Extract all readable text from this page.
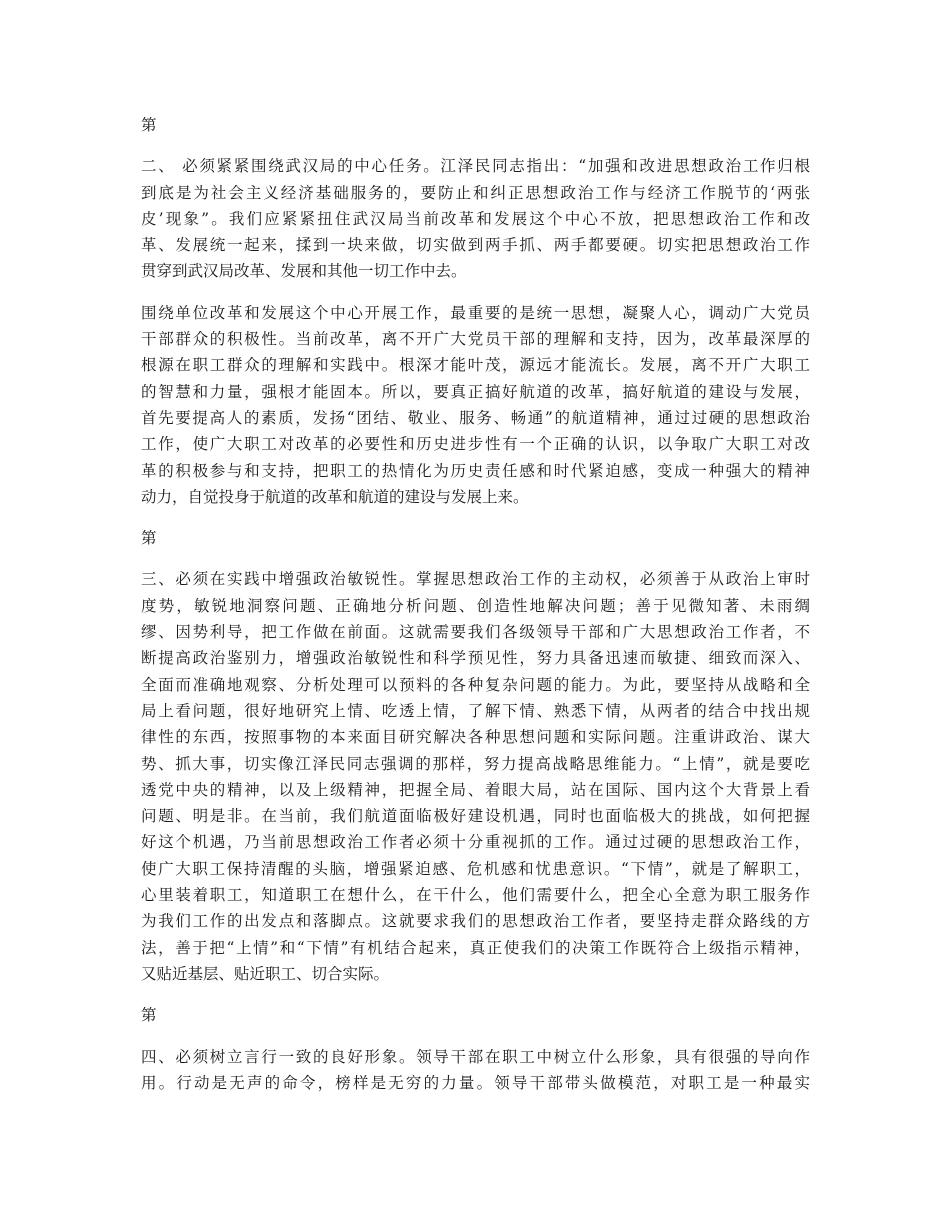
第
二、 必须紧紧围绕武汉局的中心任务。江泽民同志指出：“加强和改进思想政治工作归根
到底是为社会主义经济基础服务的，要防止和纠正思想政治工作与经济工作脱节的‘两张
皮’现象”。我们应紧紧扭住武汉局当前改革和发展这个中心不放，把思想政治工作和改
革、发展统一起来，揉到一块来做，切实做到两手抓、两手都要硬。切实把思想政治工作
贯穿到武汉局改革、发展和其他一切工作中去。
围绕单位改革和发展这个中心开展工作，最重要的是统一思想，凝聚人心，调动广大党员
干部群众的积极性。当前改革，离不开广大党员干部的理解和支持，因为，改革最深厚的
根源在职工群众的理解和实践中。根深才能叶茂，源远才能流长。发展，离不开广大职工
的智慧和力量，强根才能固本。所以，要真正搞好航道的改革，搞好航道的建设与发展，
首先要提高人的素质，发扬“团结、敬业、服务、畅通”的航道精神，通过过硬的思想政治
工作，使广大职工对改革的必要性和历史进步性有一个正确的认识，以争取广大职工对改
革的积极参与和支持，把职工的热情化为历史责任感和时代紧迫感，变成一种强大的精神
动力，自觉投身于航道的改革和航道的建设与发展上来。
第
三、必须在实践中增强政治敏锐性。掌握思想政治工作的主动权，必须善于从政治上审时
度势，敏锐地洞察问题、正确地分析问题、创造性地解决问题；善于见微知著、未雨绸
缪、因势利导，把工作做在前面。这就需要我们各级领导干部和广大思想政治工作者，不
断提高政治鉴别力，增强政治敏锐性和科学预见性，努力具备迅速而敏捷、细致而深入、
全面而准确地观察、分析处理可以预料的各种复杂问题的能力。为此，要坚持从战略和全
局上看问题，很好地研究上情、吃透上情，了解下情、熟悉下情，从两者的结合中找出规
律性的东西，按照事物的本来面目研究解决各种思想问题和实际问题。注重讲政治、谋大
势、抓大事，切实像江泽民同志强调的那样，努力提高战略思维能力。“上情”，就是要吃
透党中央的精神，以及上级精神，把握全局、着眼大局，站在国际、国内这个大背景上看
问题、明是非。在当前，我们航道面临极好建设机遇，同时也面临极大的挑战，如何把握
好这个机遇，乃当前思想政治工作者必须十分重视抓的工作。通过过硬的思想政治工作，
使广大职工保持清醒的头脑，增强紧迫感、危机感和忧患意识。“下情”，就是了解职工，
心里装着职工，知道职工在想什么，在干什么，他们需要什么，把全心全意为职工服务作
为我们工作的出发点和落脚点。这就要求我们的思想政治工作者，要坚持走群众路线的方
法，善于把“上情”和“下情”有机结合起来，真正使我们的决策工作既符合上级指示精神，
又贴近基层、贴近职工、切合实际。
第
四、必须树立言行一致的良好形象。领导干部在职工中树立什么形象，具有很强的导向作
用。行动是无声的命令，榜样是无穷的力量。领导干部带头做模范，对职工是一种最实
